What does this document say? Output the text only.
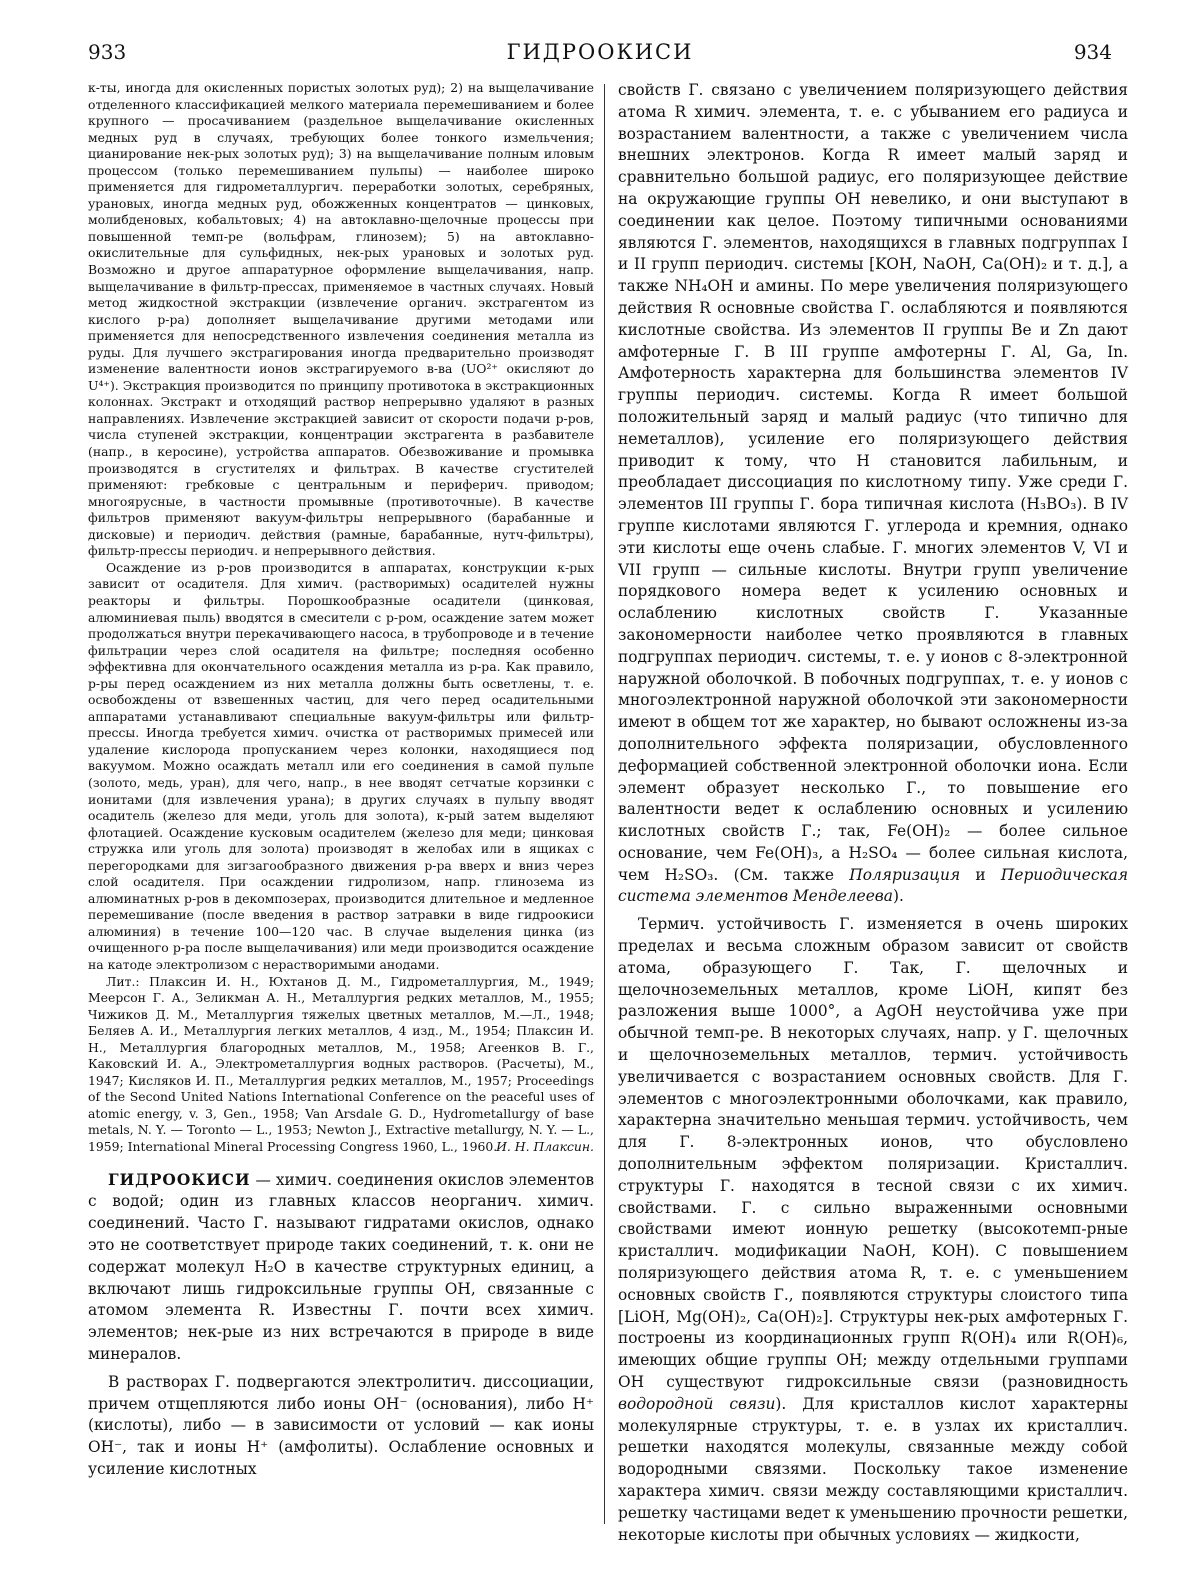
933	ГИДРООКИСИ	934

к-ты, иногда для окисленных пористых золотых руд); 2) на выщелачивание отделенного классификацией мелкого материала перемешиванием и более крупного — просачиванием (раздельное выщелачивание окисленных медных руд в случаях, требующих более тонкого измельчения; цианирование нек-рых золотых руд); 3) на выщелачивание полным иловым процессом (только перемешиванием пульпы) — наиболее широко применяется для гидрометаллургич. переработки золотых, серебряных, урановых, иногда медных руд, обожженных концентратов — цинковых, молибденовых, кобальтовых; 4) на автоклавно-щелочные процессы при повышенной темп-ре (вольфрам, глинозем); 5) на автоклавно-окислительные для сульфидных, нек-рых урановых и золотых руд. Возможно и другое аппаратурное оформление выщелачивания, напр. выщелачивание в фильтр-прессах, применяемое в частных случаях. Новый метод жидкостной экстракции (извлечение органич. экстрагентом из кислого р-ра) дополняет выщелачивание другими методами или применяется для непосредственного извлечения соединения металла из руды. Для лучшего экстрагирования иногда предварительно производят изменение валентности ионов экстрагируемого в-ва (UO²⁺ окисляют до U⁴⁺). Экстракция производится по принципу противотока в экстракционных колоннах. Экстракт и отходящий раствор непрерывно удаляют в разных направлениях. Извлечение экстракцией зависит от скорости подачи р-ров, числа ступеней экстракции, концентрации экстрагента в разбавителе (напр., в керосине), устройства аппаратов. Обезвоживание и промывка производятся в сгустителях и фильтрах. В качестве сгустителей применяют: гребковые с центральным и периферич. приводом; многоярусные, в частности промывные (противоточные). В качестве фильтров применяют вакуум-фильтры непрерывного (барабанные и дисковые) и периодич. действия (рамные, барабанные, нутч-фильтры), фильтр-прессы периодич. и непрерывного действия.

Осаждение из р-ров производится в аппаратах, конструкции к-рых зависит от осадителя. Для химич. (растворимых) осадителей нужны реакторы и фильтры. Порошкообразные осадители (цинковая, алюминиевая пыль) вводятся в смесители с р-ром, осаждение затем может продолжаться внутри перекачивающего насоса, в трубопроводе и в течение фильтрации через слой осадителя на фильтре; последняя особенно эффективна для окончательного осаждения металла из р-ра. Как правило, р-ры перед осаждением из них металла должны быть осветлены, т. е. освобождены от взвешенных частиц, для чего перед осадительными аппаратами устанавливают специальные вакуум-фильтры или фильтр-прессы. Иногда требуется химич. очистка от растворимых примесей или удаление кислорода пропусканием через колонки, находящиеся под вакуумом. Можно осаждать металл или его соединения в самой пульпе (золото, медь, уран), для чего, напр., в нее вводят сетчатые корзинки с ионитами (для извлечения урана); в других случаях в пульпу вводят осадитель (железо для меди, уголь для золота), к-рый затем выделяют флотацией. Осаждение кусковым осадителем (железо для меди; цинковая стружка или уголь для золота) производят в желобах или в ящиках с перегородками для зигзагообразного движения р-ра вверх и вниз через слой осадителя. При осаждении гидролизом, напр. глинозема из алюминатных р-ров в декомпозерах, производится длительное и медленное перемешивание (после введения в раствор затравки в виде гидроокиси алюминия) в течение 100—120 час. В случае выделения цинка (из очищенного р-ра после выщелачивания) или меди производится осаждение на катоде электролизом с нерастворимыми анодами.

Лит.: Плаксин И. Н., Юхтанов Д. М., Гидрометаллургия, М., 1949; Меерсон Г. А., Зеликман А. Н., Металлургия редких металлов, М., 1955; Чижиков Д. М., Металлургия тяжелых цветных металлов, М.—Л., 1948; Беляев А. И., Металлургия легких металлов, 4 изд., М., 1954; Плаксин И. Н., Металлургия благородных металлов, М., 1958; Агеенков В. Г., Каковский И. А., Электрометаллургия водных растворов. (Расчеты), М., 1947; Кисляков И. П., Металлургия редких металлов, М., 1957; Proceedings of the Second United Nations International Conference on the peaceful uses of atomic energy, v. 3, Gen., 1958; Van Arsdale G. D., Hydrometallurgy of base metals, N. Y. — Toronto — L., 1953; Newton J., Extractive metallurgy, N. Y. — L., 1959; International Mineral Processing Congress 1960, L., 1960.

И. Н. Плаксин.

ГИДРООКИСИ — химич. соединения окислов элементов с водой; один из главных классов неорганич. химич. соединений. Часто Г. называют гидратами окислов, однако это не соответствует природе таких соединений, т. к. они не содержат молекул H₂O в качестве структурных единиц, а включают лишь гидроксильные группы OH, связанные с атомом элемента R. Известны Г. почти всех химич. элементов; нек-рые из них встречаются в природе в виде минералов.

В растворах Г. подвергаются электролитич. диссоциации, причем отщепляются либо ионы OH⁻ (основания), либо H⁺ (кислоты), либо — в зависимости от условий — как ионы OH⁻, так и ионы H⁺ (амфолиты). Ослабление основных и усиление кислотных

свойств Г. связано с увеличением поляризующего действия атома R химич. элемента, т. е. с убыванием его радиуса и возрастанием валентности, а также с увеличением числа внешних электронов. Когда R имеет малый заряд и сравнительно большой радиус, его поляризующее действие на окружающие группы OH невелико, и они выступают в соединении как целое. Поэтому типичными основаниями являются Г. элементов, находящихся в главных подгруппах I и II групп периодич. системы [KOH, NaOH, Ca(OH)₂ и т. д.], а также NH₄OH и амины. По мере увеличения поляризующего действия R основные свойства Г. ослабляются и появляются кислотные свойства. Из элементов II группы Be и Zn дают амфотерные Г. В III группе амфотерны Г. Al, Ga, In. Амфотерность характерна для большинства элементов IV группы периодич. системы. Когда R имеет большой положительный заряд и малый радиус (что типично для неметаллов), усиление его поляризующего действия приводит к тому, что H становится лабильным, и преобладает диссоциация по кислотному типу. Уже среди Г. элементов III группы Г. бора типичная кислота (H₃BO₃). В IV группе кислотами являются Г. углерода и кремния, однако эти кислоты еще очень слабые. Г. многих элементов V, VI и VII групп — сильные кислоты. Внутри групп увеличение порядкового номера ведет к усилению основных и ослаблению кислотных свойств Г. Указанные закономерности наиболее четко проявляются в главных подгруппах периодич. системы, т. е. у ионов с 8-электронной наружной оболочкой. В побочных подгруппах, т. е. у ионов с многоэлектронной наружной оболочкой эти закономерности имеют в общем тот же характер, но бывают осложнены из-за дополнительного эффекта поляризации, обусловленного деформацией собственной электронной оболочки иона. Если элемент образует несколько Г., то повышение его валентности ведет к ослаблению основных и усилению кислотных свойств Г.; так, Fe(OH)₂ — более сильное основание, чем Fe(OH)₃, а H₂SO₄ — более сильная кислота, чем H₂SO₃. (См. также Поляризация и Периодическая система элементов Менделеева).

Термич. устойчивость Г. изменяется в очень широких пределах и весьма сложным образом зависит от свойств атома, образующего Г. Так, Г. щелочных и щелочноземельных металлов, кроме LiOH, кипят без разложения выше 1000°, а AgOH неустойчива уже при обычной темп-ре. В некоторых случаях, напр. у Г. щелочных и щелочноземельных металлов, термич. устойчивость увеличивается с возрастанием основных свойств. Для Г. элементов с многоэлектронными оболочками, как правило, характерна значительно меньшая термич. устойчивость, чем для Г. 8-электронных ионов, что обусловлено дополнительным эффектом поляризации. Кристаллич. структуры Г. находятся в тесной связи с их химич. свойствами. Г. с сильно выраженными основными свойствами имеют ионную решетку (высокотемп-рные кристаллич. модификации NaOH, KOH). С повышением поляризующего действия атома R, т. е. с уменьшением основных свойств Г., появляются структуры слоистого типа [LiOH, Mg(OH)₂, Ca(OH)₂]. Структуры нек-рых амфотерных Г. построены из координационных групп R(OH)₄ или R(OH)₆, имеющих общие группы OH; между отдельными группами OH существуют гидроксильные связи (разновидность водородной связи). Для кристаллов кислот характерны молекулярные структуры, т. е. в узлах их кристаллич. решетки находятся молекулы, связанные между собой водородными связями. Поскольку такое изменение характера химич. связи между составляющими кристаллич. решетку частицами ведет к уменьшению прочности решетки, некоторые кислоты при обычных условиях — жидкости,
